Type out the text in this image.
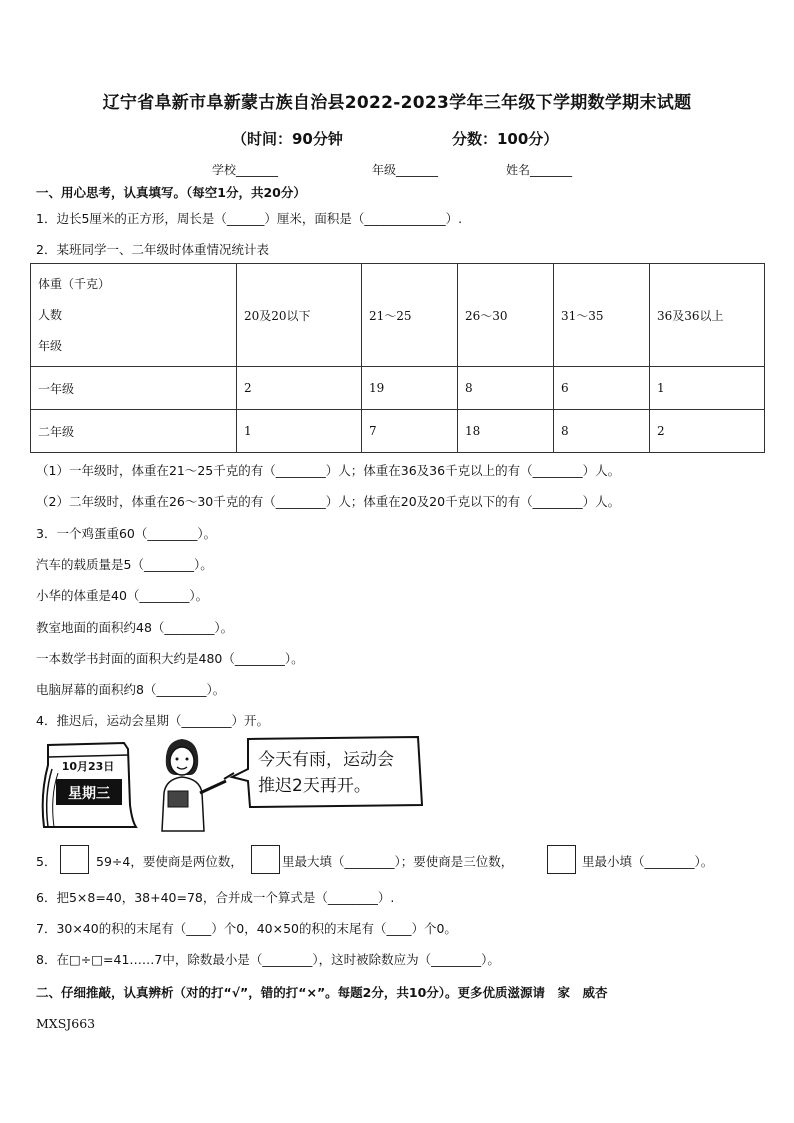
辽宁省阜新市阜新蒙古族自治县2022-2023学年三年级下学期数学期末试题
（时间：90分钟	分数：100分）
学校_______	年级_______	姓名_______
一、用心思考，认真填写。（每空1分，共20分）
1．边长5厘米的正方形，周长是（______）厘米，面积是（_____________）.
2．某班同学一、二年级时体重情况统计表
体重（千克）
人数
年级	20及20以下	21～25	26～30	31～35	36及36以上
一年级	2	19	8	6	1
二年级	1	7	18	8	2
（1）一年级时，体重在21～25千克的有（________）人；体重在36及36千克以上的有（________）人。
（2）二年级时，体重在26～30千克的有（________）人；体重在20及20千克以下的有（________）人。
3．一个鸡蛋重60（________）。
汽车的载质量是5（________）。
小华的体重是40（________）。
教室地面的面积约48（________）。
一本数学书封面的面积大约是480（________）。
电脑屏幕的面积约8（________）。
4．推迟后，运动会星期（________）开。
10月23日
星期三
今天有雨，运动会
推迟2天再开。
5．	59÷4，要使商是两位数，	里最大填（________）；要使商是三位数，	里最小填（________）。
6．把5×8=40，38+40=78，合并成一个算式是（________）.
7．30×40的积的末尾有（____）个0，40×50的积的末尾有（____）个0。
8．在□÷□=41……7中，除数最小是（________），这时被除数应为（________）。
二、仔细推敲，认真辨析（对的打“√”，错的打“×”。每题2分，共10分）。更多优质滋源请　家　威杏
MXSJ663
